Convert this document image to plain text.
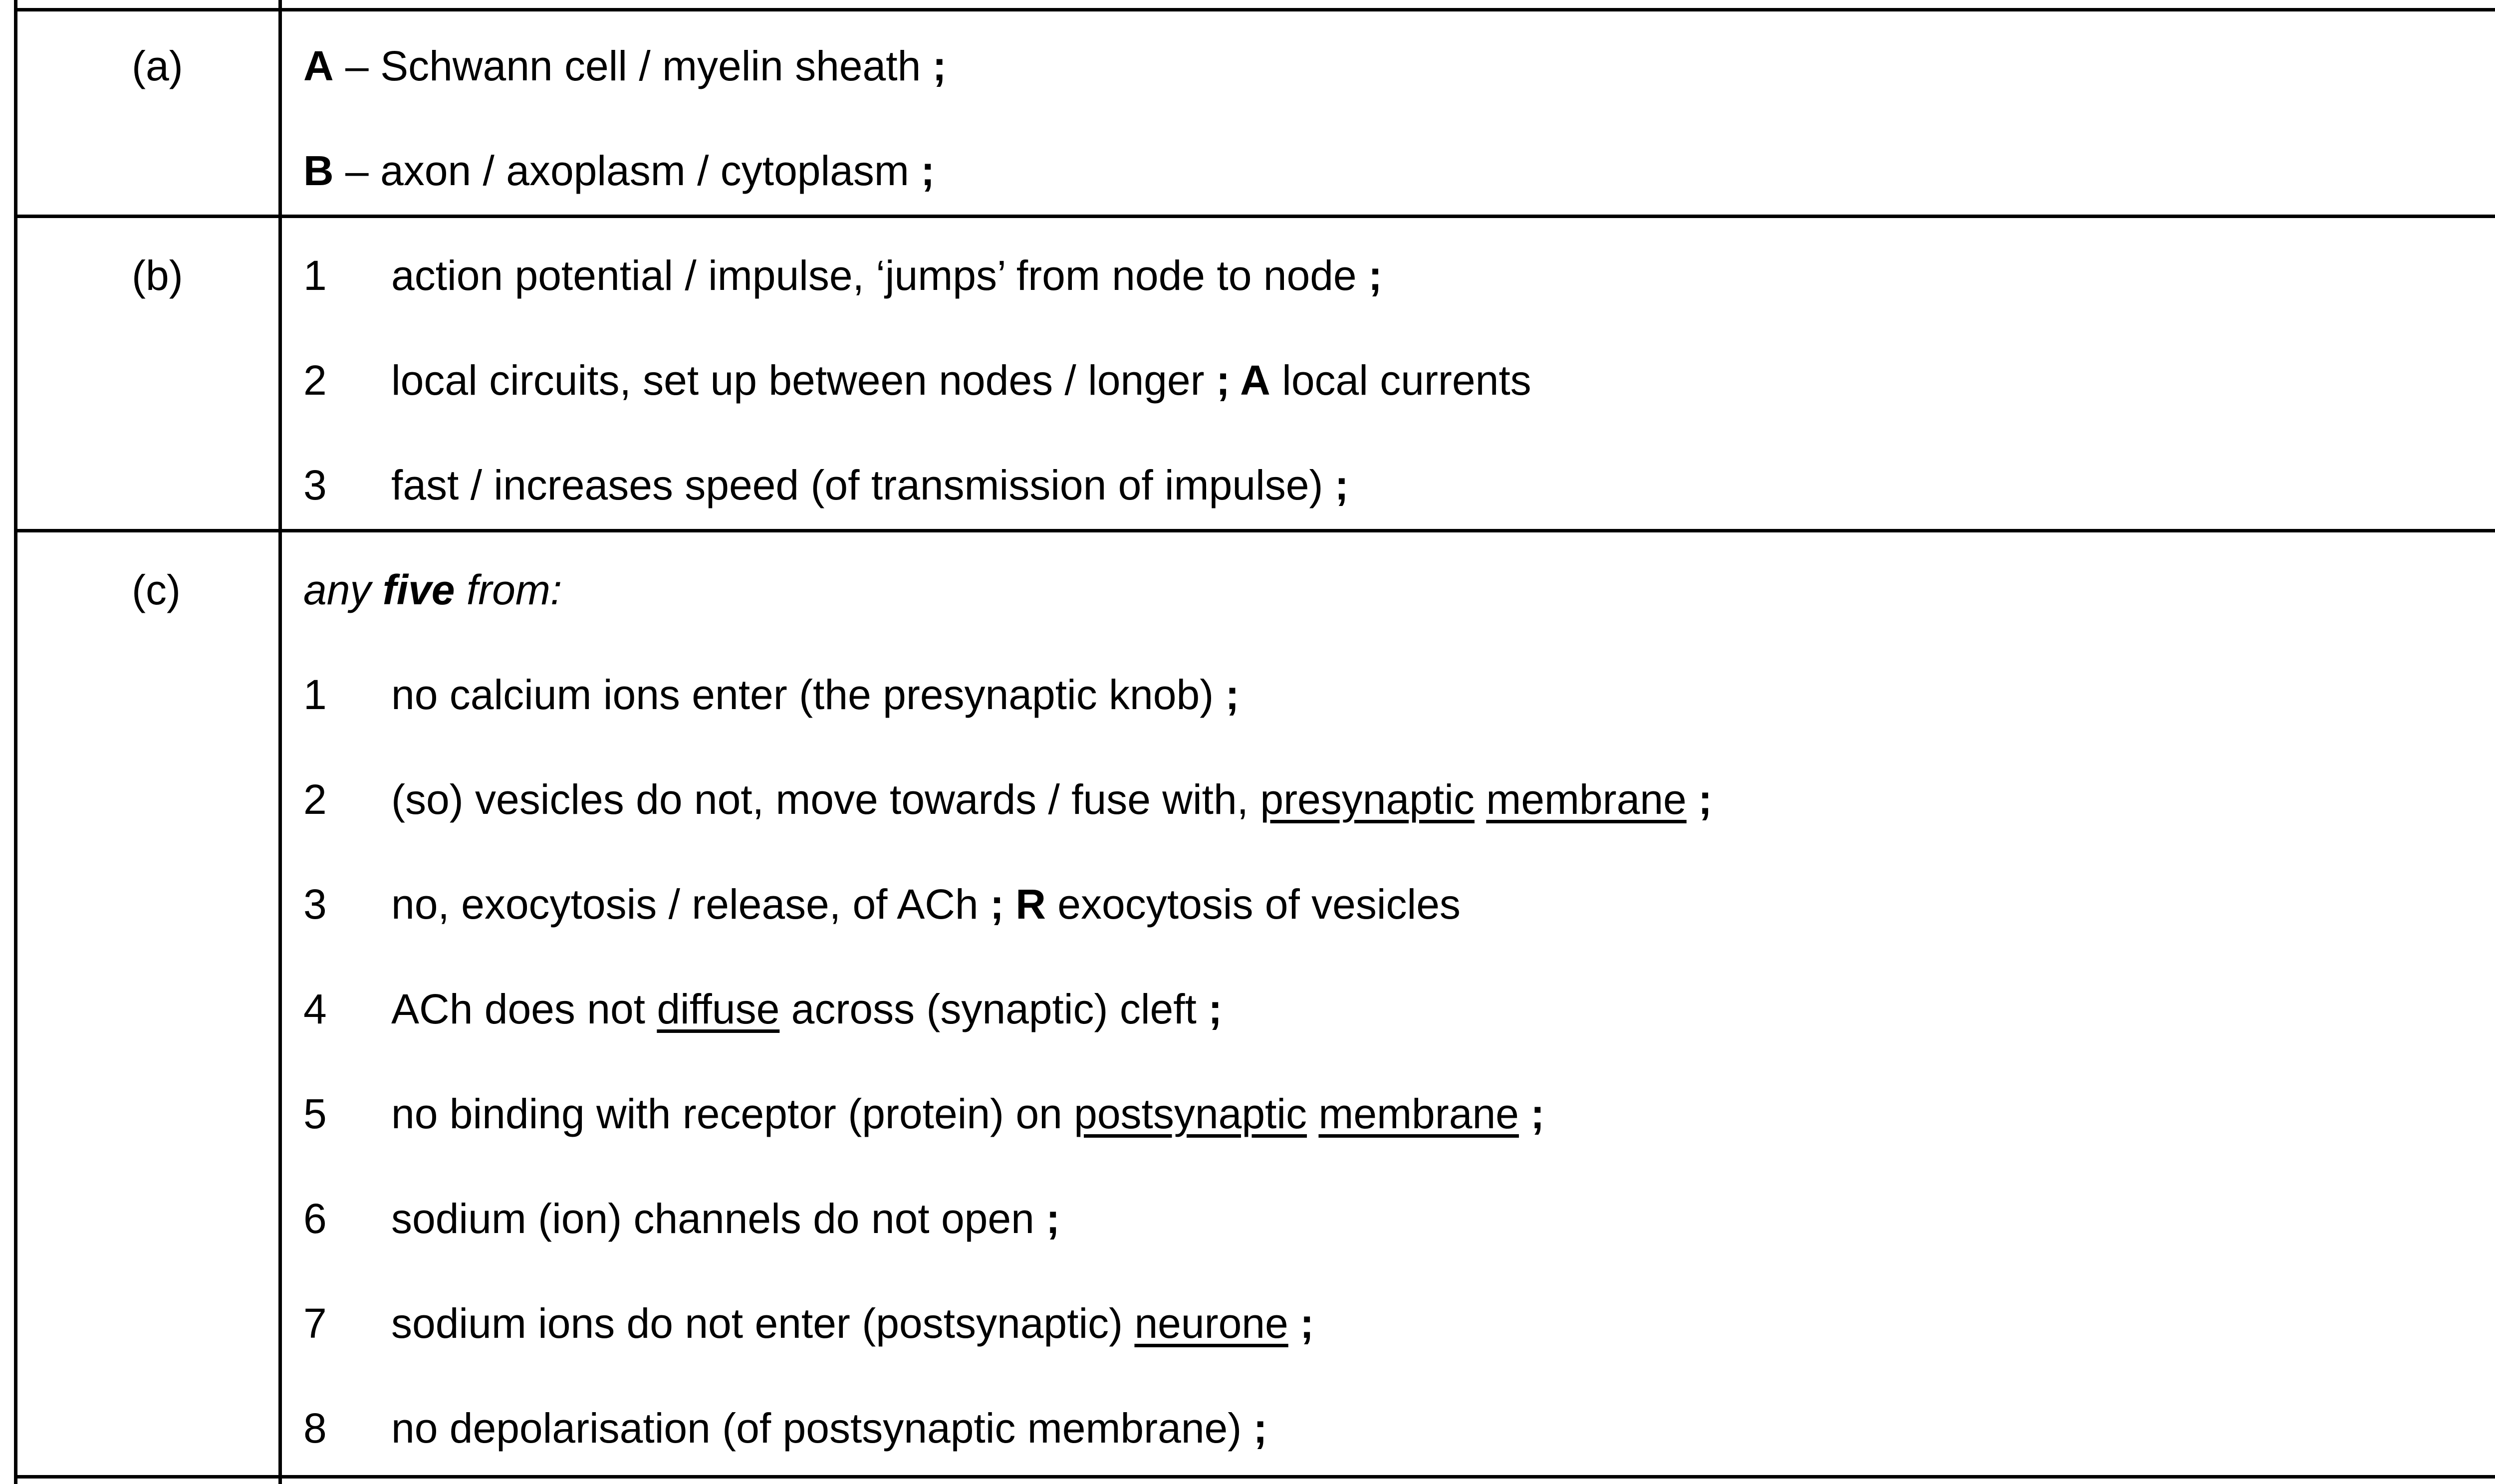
(a)	A – Schwann cell / myelin sheath ;
B – axon / axoplasm / cytoplasm ;
(b)	1 action potential / impulse, ‘jumps’ from node to node ;
2 local circuits, set up between nodes / longer ; A local currents
3 fast / increases speed (of transmission of impulse) ;
(c)	any five from:
1 no calcium ions enter (the presynaptic knob) ;
2 (so) vesicles do not, move towards / fuse with, presynaptic membrane ;
3 no, exocytosis / release, of ACh ; R exocytosis of vesicles
4 ACh does not diffuse across (synaptic) cleft ;
5 no binding with receptor (protein) on postsynaptic membrane ;
6 sodium (ion) channels do not open ;
7 sodium ions do not enter (postsynaptic) neurone ;
8 no depolarisation (of postsynaptic membrane) ;
